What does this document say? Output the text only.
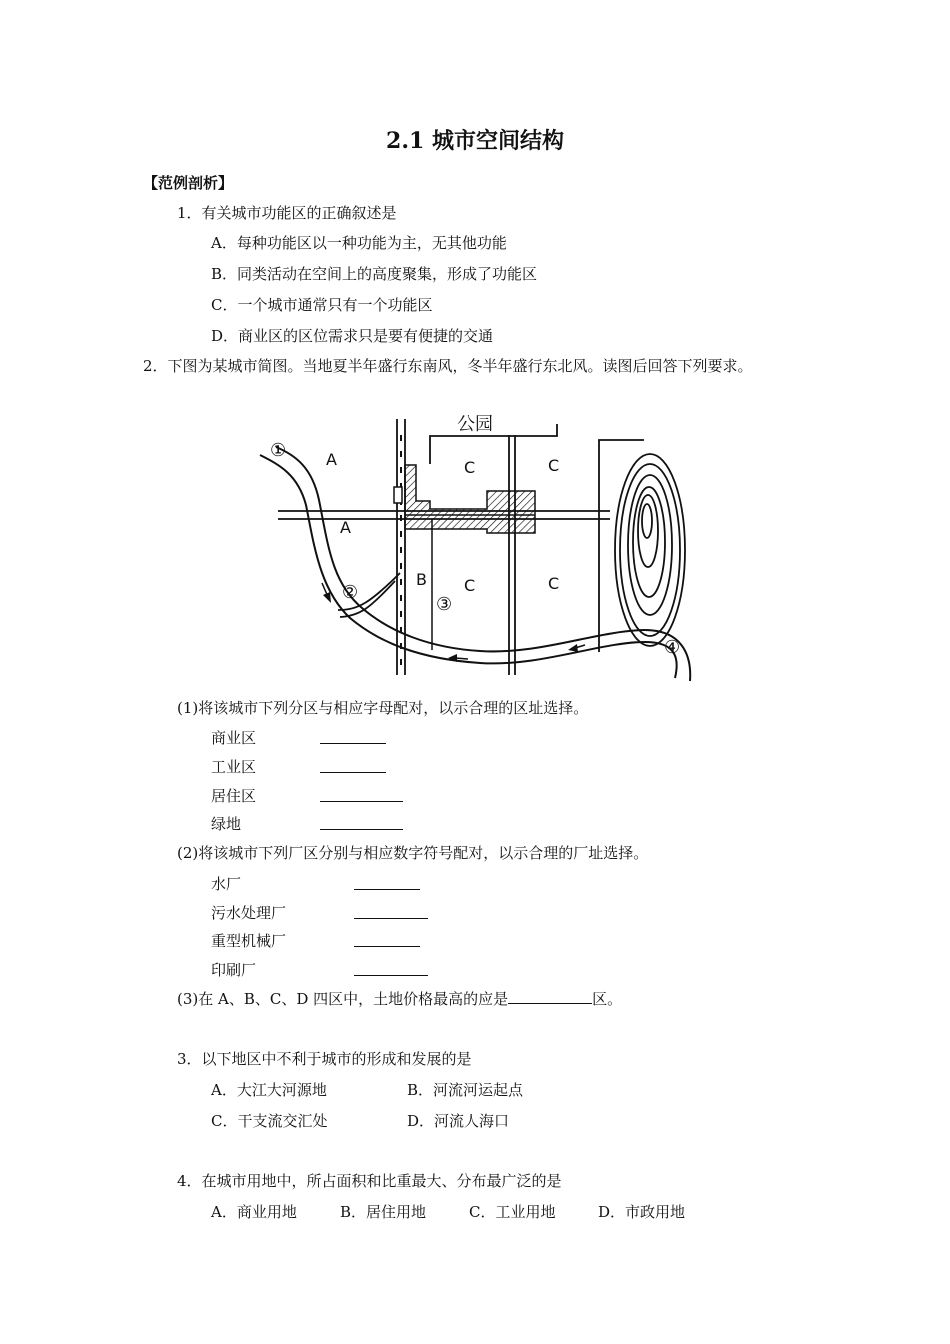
2.1 城市空间结构
【范例剖析】
1．有关城市功能区的正确叙述是
A．每种功能区以一种功能为主，无其他功能
B．同类活动在空间上的高度聚集，形成了功能区
C．一个城市通常只有一个功能区
D．商业区的区位需求只是要有便捷的交通
2．下图为某城市简图。当地夏半年盛行东南风，冬半年盛行东北风。读图后回答下列要求。
公园
A
A
B
C	C
C	C
①
②
③
④
(1)将该城市下列分区与相应字母配对，以示合理的区址选择。
商业区
工业区
居住区
绿地
(2)将该城市下列厂区分别与相应数字符号配对，以示合理的厂址选择。
水厂
污水处理厂
重型机械厂
印刷厂
(3)在 A、B、C、D 四区中，土地价格最高的应是	区。
3．以下地区中不利于城市的形成和发展的是
A．大江大河源地	B．河流河运起点
C．干支流交汇处	D．河流人海口
4．在城市用地中，所占面积和比重最大、分布最广泛的是
A．商业用地	B．居住用地	C．工业用地	D．市政用地
